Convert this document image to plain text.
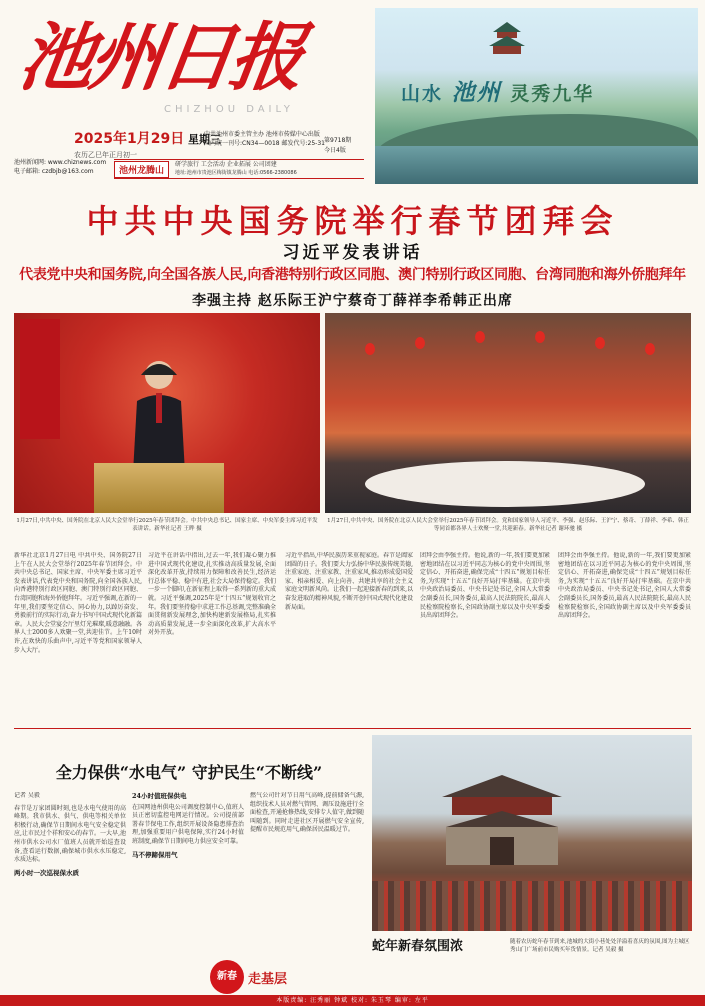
池州日报
CHIZHOU DAILY
2025年1月29日 星期三
农历乙巳年正月初一
中共池州市委主管主办 池州市传媒中心出版
国内统一刊号:CN34—0018 邮发代号:25-31 第9718期
今日4版
池州新闻网: www.chiznews.com
电子邮箱: czdbjb@163.com	池州龙腾山
研学旅行 工会活动 企业拓展 公司团建
地址:池州市贵池区梅街镇龙腾山 电话:0566-2380086
山水 池州 灵秀九华
中共中央国务院举行春节团拜会
习近平发表讲话
代表党中央和国务院,向全国各族人民,向香港特别行政区同胞、澳门特别行政区同胞、台湾同胞和海外侨胞拜年
李强主持 赵乐际王沪宁蔡奇丁薛祥李希韩正出席
1月27日,中共中央、国务院在北京人民大会堂举行2025年春节团拜会。中共中央总书记、国家主席、中央军委主席习近平发表讲话。新华社记者 王晔 摄
1月27日,中共中央、国务院在北京人民大会堂举行2025年春节团拜会。党和国家领导人习近平、李强、赵乐际、王沪宁、蔡奇、丁薛祥、李希、韩正等同首都各界人士欢聚一堂,共迎新春。新华社记者 谢环驰 摄
新华社北京1月27日电 中共中央、国务院27日上午在人民大会堂举行2025年春节团拜会。中共中央总书记、国家主席、中央军委主席习近平发表讲话,代表党中央和国务院,向全国各族人民,向香港特别行政区同胞、澳门特别行政区同胞、台湾同胞和海外侨胞拜年。习近平强调,在新的一年里,我们要坚定信心、同心协力,以踔厉奋发、勇毅前行的实际行动,奋力书写中国式现代化新篇章。人民大会堂宴会厅里灯光璀璨,暖意融融。各界人士2000多人欢聚一堂,共迎佳节。上午10时许,在欢快的乐曲声中,习近平等党和国家领导人步入大厅。
习近平在讲话中指出,过去一年,我们凝心聚力推进中国式现代化建设,扎实推动高质量发展,全面深化改革开放,持续用力保障和改善民生,经济运行总体平稳、稳中有进,社会大局保持稳定。我们一步一个脚印,在新征程上取得一系列新的重大成就。习近平强调,2025年是“十四五”规划收官之年。我们要坚持稳中求进工作总基调,完整准确全面贯彻新发展理念,加快构建新发展格局,扎实推动高质量发展,进一步全面深化改革,扩大高水平对外开放。
习近平指出,中华民族历来重视家庭。春节是阖家团圆的日子。我们要大力弘扬中华民族传统美德,注重家庭、注重家教、注重家风,推动形成爱国爱家、相亲相爱、向上向善、共建共享的社会主义家庭文明新风尚。让我们一起迎接新春的到来,以奋发进取的精神风貌,不断开创中国式现代化建设新局面。
团拜会由李强主持。他说,新的一年,我们要更加紧密地团结在以习近平同志为核心的党中央周围,坚定信心、开拓奋进,确保完成“十四五”规划目标任务,为实现“十五五”良好开局打牢基础。在京中共中央政治局委员、中央书记处书记,全国人大常委会副委员长,国务委员,最高人民法院院长,最高人民检察院检察长,全国政协副主席以及中央军委委员出席团拜会。
团拜会由李强主持。他说,新的一年,我们要更加紧密地团结在以习近平同志为核心的党中央周围,坚定信心、开拓奋进,确保完成“十四五”规划目标任务,为实现“十五五”良好开局打牢基础。在京中共中央政治局委员、中央书记处书记,全国人大常委会副委员长,国务委员,最高人民法院院长,最高人民检察院检察长,全国政协副主席以及中央军委委员出席团拜会。
全力保供“水电气” 守护民生“不断线”
记者 吴毅
春节是万家团圆时刻,也是水电气使用的高峰期。我市供水、供气、供电等相关单位积极行动,确保节日期间水电气安全稳定供应,让市民过个祥和安心的春节。一大早,池州市供水公司水厂值班人员就开始巡查设备,查看运行数据,确保城市供水水压稳定,水质达标。
两小时一次巡视保水质
24小时值班保供电
在国网池州供电公司调度控制中心,值班人员正密切监控电网运行情况。公司提前部署春节保电工作,组织开展设备隐患排查治理,加强重要用户供电保障,实行24小时值班制度,确保节日期间电力供应安全可靠。
马不停蹄保用气
燃气公司针对节日用气高峰,提前储备气源,组织技术人员对燃气管网、调压设施进行全面检查,开通抢修热线,安排专人值守,做到随叫随到。同时走进社区开展燃气安全宣传,提醒市民规范用气,确保居民温暖过节。
新春 走基层
蛇年新春氛围浓	随着农历蛇年春节到来,池城的大街小巷处处洋溢着喜庆的氛围,图为主城区秀山门广场前市民购买年货情景。记者 吴毅 摄
本版责编: 汪秀丽 钟斌 校对: 朱玉琴 编审: 左平
